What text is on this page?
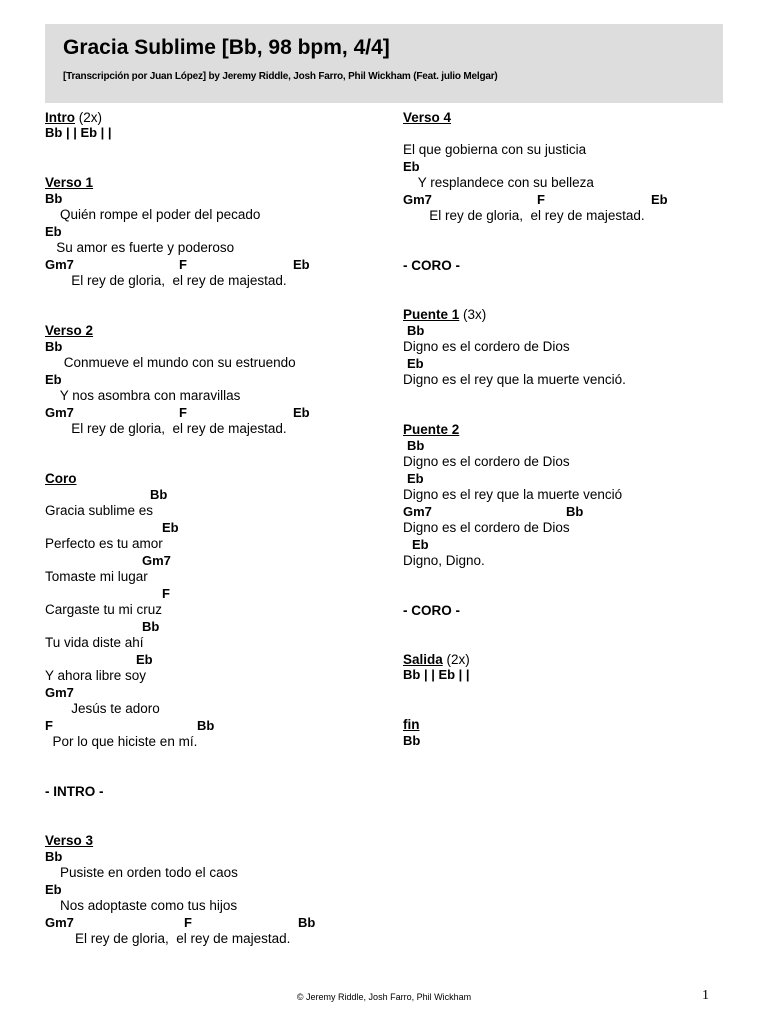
Gracia Sublime [Bb, 98 bpm, 4/4]
[Transcripción por Juan López] by Jeremy Riddle, Josh Farro, Phil Wickham (Feat. julio Melgar)
Intro (2x)
Bb | | Eb | |
Verso 1
Bb
Quién rompe el poder del pecado
Eb
Su amor es fuerte y poderoso
Gm7	F	Eb
El rey de gloria,  el rey de majestad.
Verso 2
Bb
Conmueve el mundo con su estruendo
Eb
Y nos asombra con maravillas
Gm7	F	Eb
El rey de gloria,  el rey de majestad.
Coro
Bb
Gracia sublime es
Eb
Perfecto es tu amor
Gm7
Tomaste mi lugar
F
Cargaste tu mi cruz
Bb
Tu vida diste ahí
Eb
Y ahora libre soy
Gm7
Jesús te adoro
F	Bb
Por lo que hiciste en mí.
- INTRO -
Verso 3
Bb
Pusiste en orden todo el caos
Eb
Nos adoptaste como tus hijos
Gm7	F	Bb
El rey de gloria,  el rey de majestad.
Verso 4
El que gobierna con su justicia
Eb
Y resplandece con su belleza
Gm7	F	Eb
El rey de gloria,  el rey de majestad.
- CORO -
Puente 1 (3x)
Bb
Digno es el cordero de Dios
Eb
Digno es el rey que la muerte venció.
Puente 2
Bb
Digno es el cordero de Dios
Eb
Digno es el rey que la muerte venció
Gm7	Bb
Digno es el cordero de Dios
Eb
Digno, Digno.
- CORO -
Salida (2x)
Bb | | Eb | |
fin
Bb
© Jeremy Riddle, Josh Farro, Phil Wickham	1
